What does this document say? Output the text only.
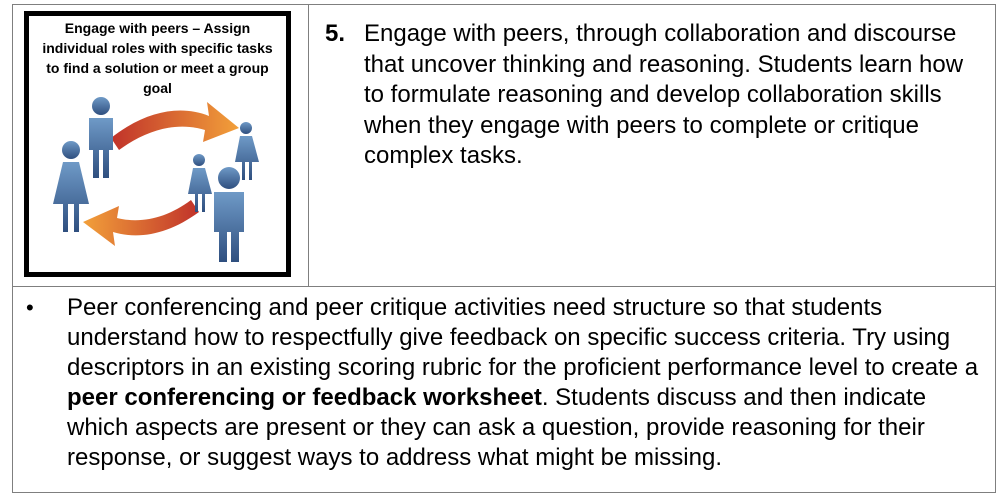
Engage with peers – Assign individual roles with specific tasks to find a solution or meet a group goal

5. Engage with peers, through collaboration and discourse that uncover thinking and reasoning. Students learn how to formulate reasoning and develop collaboration skills when they engage with peers to complete or critique complex tasks.

• Peer conferencing and peer critique activities need structure so that students understand how to respectfully give feedback on specific success criteria. Try using descriptors in an existing scoring rubric for the proficient performance level to create a peer conferencing or feedback worksheet. Students discuss and then indicate which aspects are present or they can ask a question, provide reasoning for their response, or suggest ways to address what might be missing.
